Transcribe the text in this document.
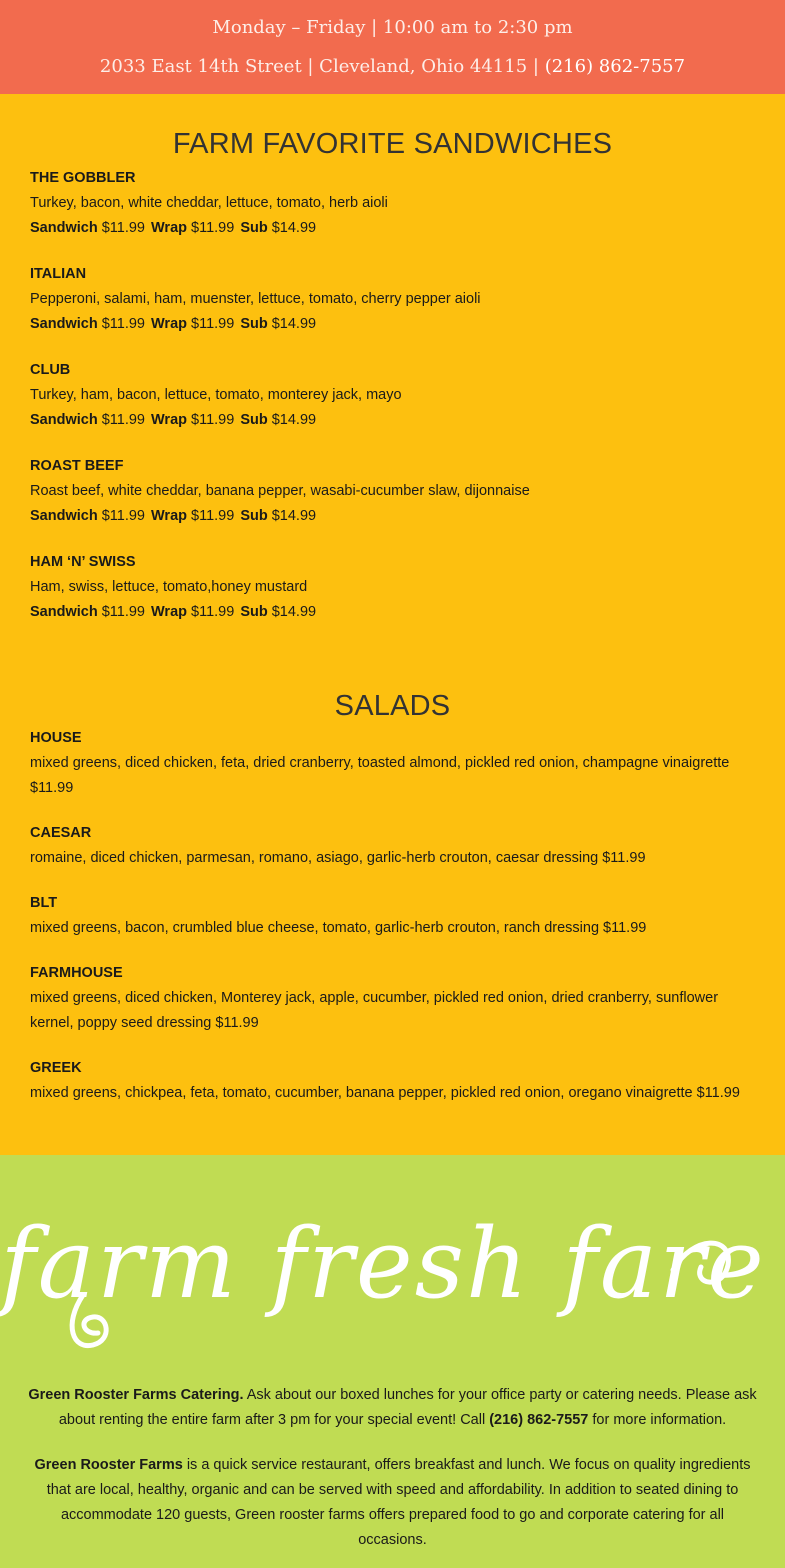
Monday – Friday | 10:00 am to 2:30 pm
2033 East 14th Street | Cleveland, Ohio 44115 | (216) 862-7557
FARM FAVORITE SANDWICHES
THE GOBBLER
Turkey, bacon, white cheddar, lettuce, tomato, herb aioli
Sandwich $11.99 Wrap $11.99 Sub $14.99
ITALIAN
Pepperoni, salami, ham, muenster, lettuce, tomato, cherry pepper aioli
Sandwich $11.99 Wrap $11.99 Sub $14.99
CLUB
Turkey, ham, bacon, lettuce, tomato, monterey jack, mayo
Sandwich $11.99 Wrap $11.99 Sub $14.99
ROAST BEEF
Roast beef, white cheddar, banana pepper, wasabi-cucumber slaw, dijonnaise
Sandwich $11.99 Wrap $11.99 Sub $14.99
HAM ‘N’ SWISS
Ham, swiss, lettuce, tomato,honey mustard
Sandwich $11.99 Wrap $11.99 Sub $14.99
SALADS
HOUSE
mixed greens, diced chicken, feta, dried cranberry, toasted almond, pickled red onion, champagne vinaigrette $11.99
CAESAR
romaine, diced chicken, parmesan, romano, asiago, garlic-herb crouton, caesar dressing $11.99
BLT
mixed greens, bacon, crumbled blue cheese, tomato, garlic-herb crouton, ranch dressing $11.99
FARMHOUSE
mixed greens, diced chicken, Monterey jack, apple, cucumber, pickled red onion, dried cranberry, sunflower kernel, poppy seed dressing $11.99
GREEK
mixed greens, chickpea, feta, tomato, cucumber, banana pepper, pickled red onion, oregano vinaigrette $11.99
farm fresh fare

Green Rooster Farms Catering. Ask about our boxed lunches for your office party or catering needs. Please ask about renting the entire farm after 3 pm for your special event! Call (216) 862-7557 for more information.

Green Rooster Farms is a quick service restaurant, offers breakfast and lunch. We focus on quality ingredients that are local, healthy, organic and can be served with speed and affordability. In addition to seated dining to accommodate 120 guests, Green rooster farms offers prepared food to go and corporate catering for all occasions.
